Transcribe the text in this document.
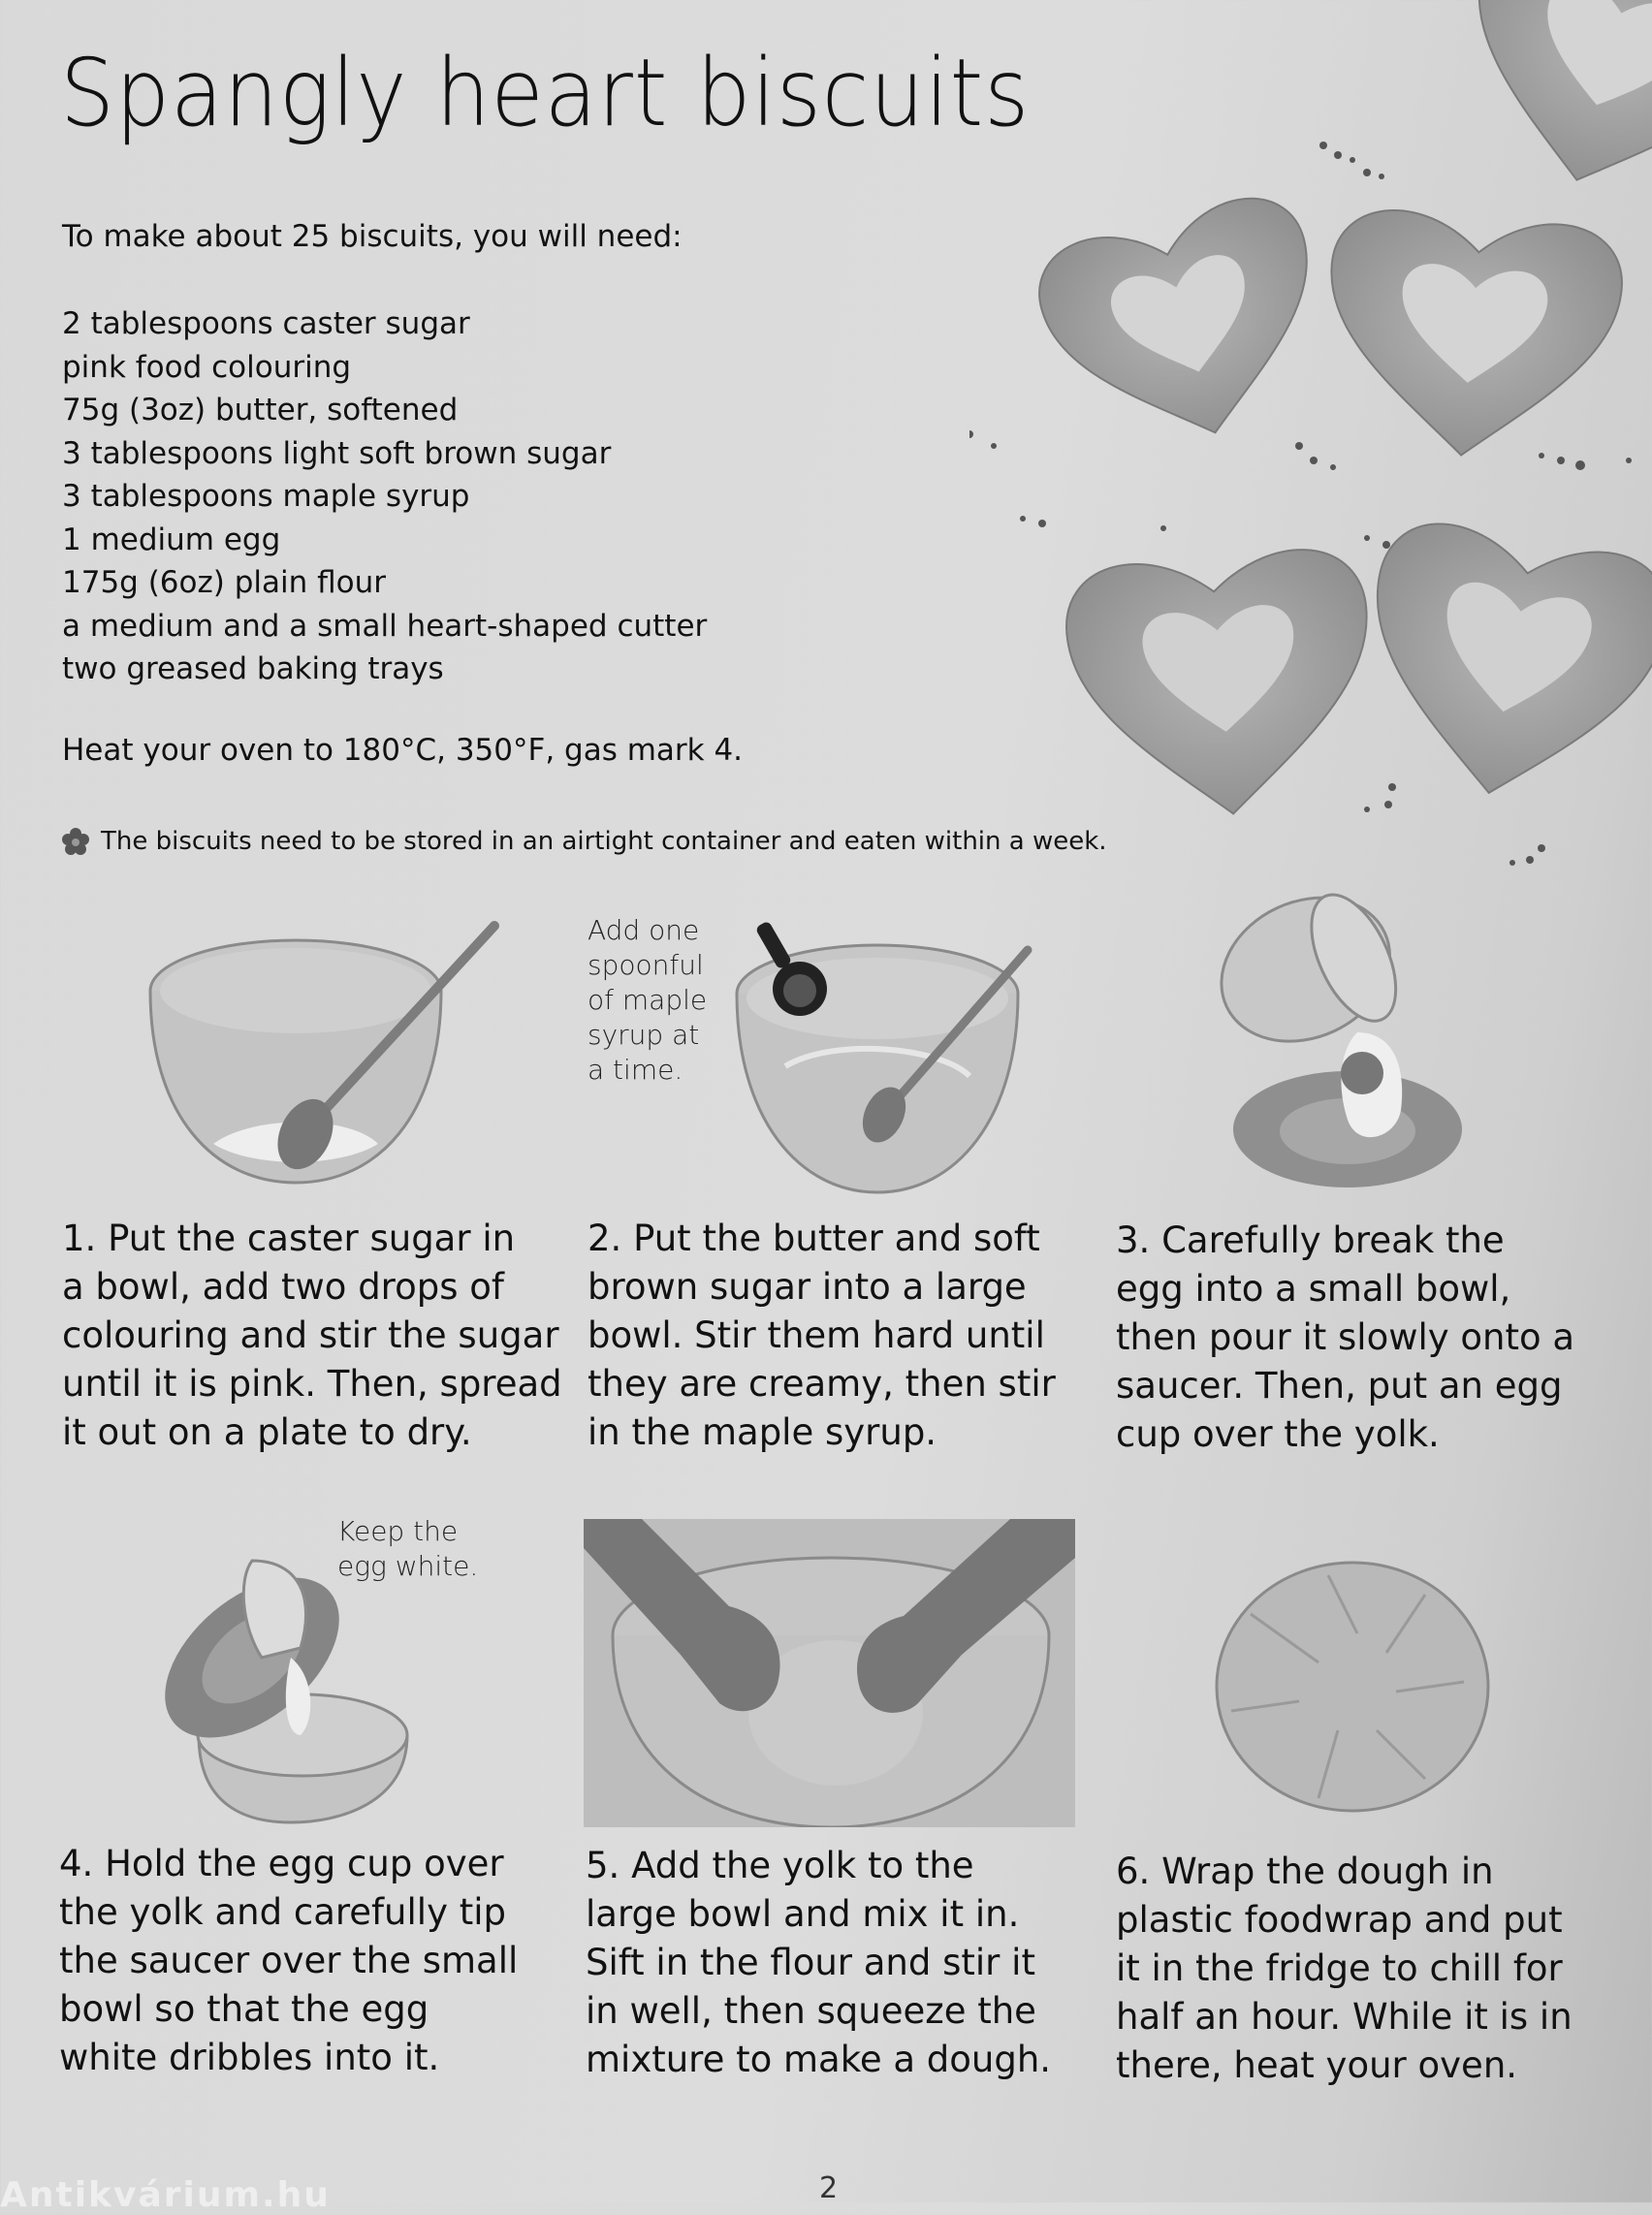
Spangly heart biscuits
To make about 25 biscuits, you will need:
2 tablespoons caster sugar
pink food colouring
75g (3oz) butter, softened
3 tablespoons light soft brown sugar
3 tablespoons maple syrup
1 medium egg
175g (6oz) plain flour
a medium and a small heart-shaped cutter
two greased baking trays
Heat your oven to 180°C, 350°F, gas mark 4.
The biscuits need to be stored in an airtight container and eaten within a week.
Add one
spoonful
of maple
syrup at
a time.
1. Put the caster sugar in
a bowl, add two drops of
colouring and stir the sugar
until it is pink. Then, spread
it out on a plate to dry.
2. Put the butter and soft
brown sugar into a large
bowl. Stir them hard until
they are creamy, then stir
in the maple syrup.
3. Carefully break the
egg into a small bowl,
then pour it slowly onto a
saucer. Then, put an egg
cup over the yolk.
Keep the
egg white.
4. Hold the egg cup over
the yolk and carefully tip
the saucer over the small
bowl so that the egg
white dribbles into it.
5. Add the yolk to the
large bowl and mix it in.
Sift in the flour and stir it
in well, then squeeze the
mixture to make a dough.
6. Wrap the dough in
plastic foodwrap and put
it in the fridge to chill for
half an hour. While it is in
there, heat your oven.
Antikvárium.hu	2
